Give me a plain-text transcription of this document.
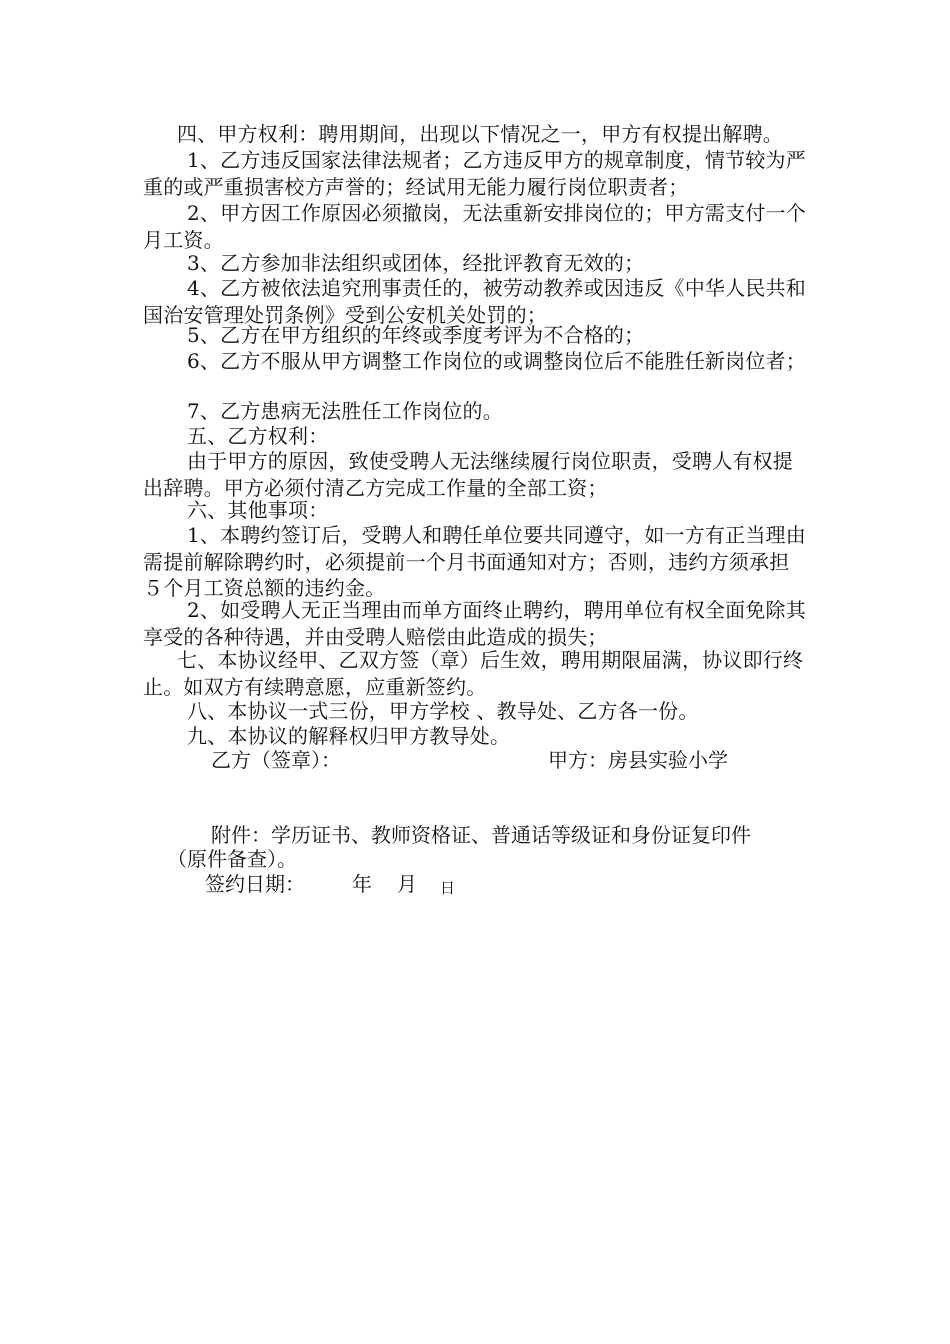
四、甲方权利：聘用期间，出现以下情况之一，甲方有权提出解聘。
1、乙方违反国家法律法规者；乙方违反甲方的规章制度，情节较为严重的或严重损害校方声誉的；经试用无能力履行岗位职责者；
2、甲方因工作原因必须撤岗，无法重新安排岗位的；甲方需支付一个月工资。
3、乙方参加非法组织或团体，经批评教育无效的；
4、乙方被依法追究刑事责任的，被劳动教养或因违反《中华人民共和国治安管理处罚条例》受到公安机关处罚的；
5、乙方在甲方组织的年终或季度考评为不合格的；
6、乙方不服从甲方调整工作岗位的或调整岗位后不能胜任新岗位者；
7、乙方患病无法胜任工作岗位的。
五、乙方权利：
由于甲方的原因，致使受聘人无法继续履行岗位职责，受聘人有权提出辞聘。甲方必须付清乙方完成工作量的全部工资；
六、其他事项：
1、本聘约签订后，受聘人和聘任单位要共同遵守，如一方有正当理由需提前解除聘约时，必须提前一个月书面通知对方；否则，违约方须承担５个月工资总额的违约金。
2、如受聘人无正当理由而单方面终止聘约，聘用单位有权全面免除其享受的各种待遇，并由受聘人赔偿由此造成的损失；
七、本协议经甲、乙双方签（章）后生效，聘用期限届满，协议即行终止。如双方有续聘意愿，应重新签约。
八、本协议一式三份，甲方学校 、教导处、乙方各一份。
九、本协议的解释权归甲方教导处。
乙方（签章）：	甲方：房县实验小学
附件：学历证书、教师资格证、普通话等级证和身份证复印件
（原件备查）。
签约日期： 年 月 日
